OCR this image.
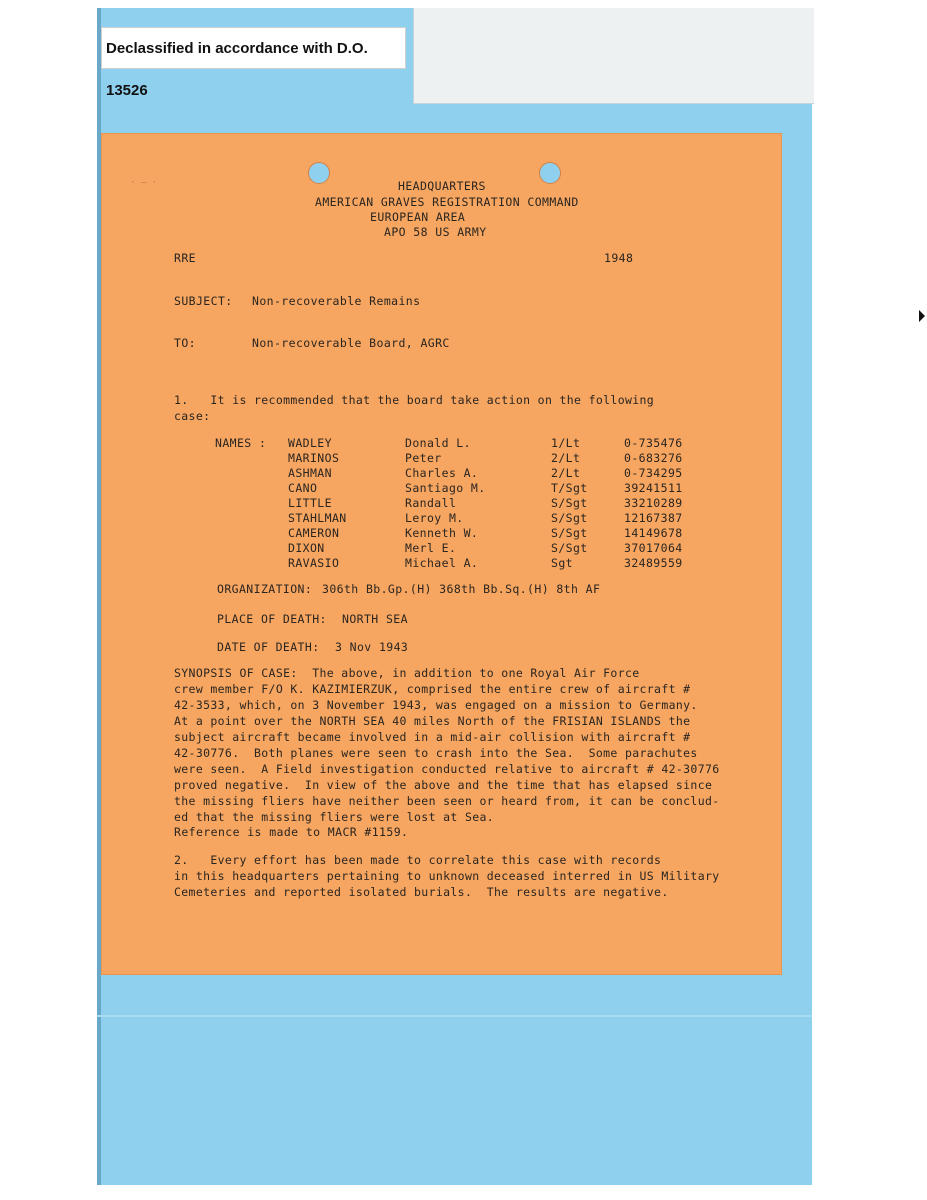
Declassified in accordance with D.O. 13526
· ‒ ·	HEADQUARTERS
AMERICAN GRAVES REGISTRATION COMMAND
EUROPEAN AREA
APO 58 US ARMY
RRE	1948
SUBJECT: Non-recoverable Remains
TO:	Non-recoverable Board, AGRC
1.   It is recommended that the board take action on the following
case:
NAMES : WADLEY	Donald L.	1/Lt	0-735476
MARINOS	Peter	2/Lt	0-683276
ASHMAN	Charles A.	2/Lt	0-734295
CANO	Santiago M.	T/Sgt	39241511
LITTLE	Randall	S/Sgt	33210289
STAHLMAN	Leroy M.	S/Sgt	12167387
CAMERON	Kenneth W.	S/Sgt	14149678
DIXON	Merl E.	S/Sgt	37017064
RAVASIO	Michael A.	Sgt	32489559
ORGANIZATION: 306th Bb.Gp.(H) 368th Bb.Sq.(H) 8th AF
PLACE OF DEATH: NORTH SEA
DATE OF DEATH: 3 Nov 1943
SYNOPSIS OF CASE:  The above, in addition to one Royal Air Force
crew member F/O K. KAZIMIERZUK, comprised the entire crew of aircraft #
42-3533, which, on 3 November 1943, was engaged on a mission to Germany.
At a point over the NORTH SEA 40 miles North of the FRISIAN ISLANDS the
subject aircraft became involved in a mid-air collision with aircraft #
42-30776.  Both planes were seen to crash into the Sea.  Some parachutes
were seen.  A Field investigation conducted relative to aircraft # 42-30776
proved negative.  In view of the above and the time that has elapsed since
the missing fliers have neither been seen or heard from, it can be conclud-
ed that the missing fliers were lost at Sea.
Reference is made to MACR #1159.
2.   Every effort has been made to correlate this case with records
in this headquarters pertaining to unknown deceased interred in US Military
Cemeteries and reported isolated burials.  The results are negative.
